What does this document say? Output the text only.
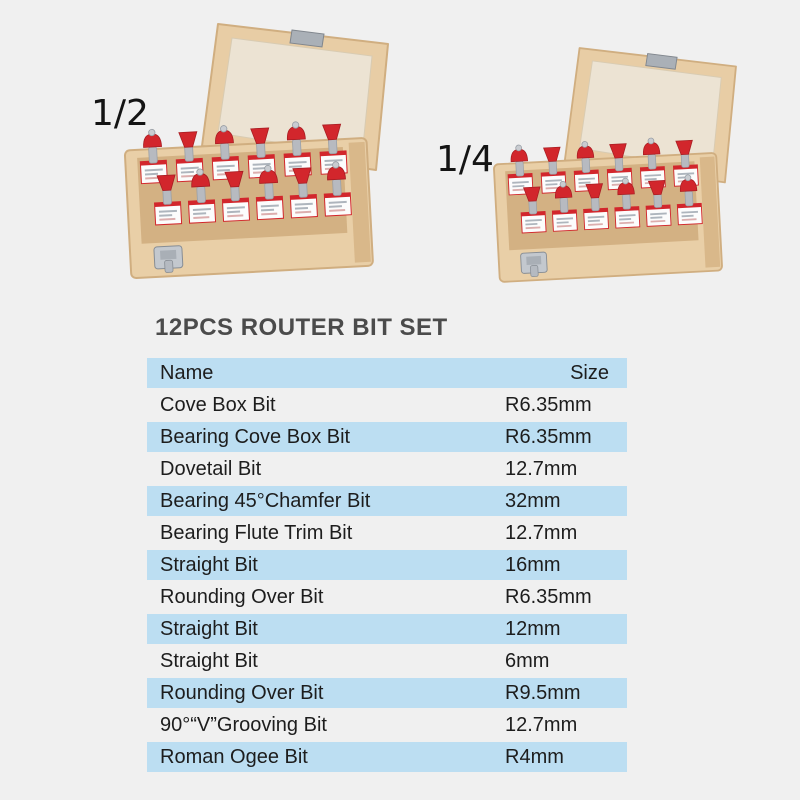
1/2
1/4
12PCS ROUTER BIT SET
Name	Size
Cove Box Bit	R6.35mm
Bearing Cove Box Bit	R6.35mm
Dovetail Bit	12.7mm
Bearing 45°Chamfer Bit	32mm
Bearing Flute Trim Bit	12.7mm
Straight Bit	16mm
Rounding Over Bit	R6.35mm
Straight Bit	12mm
Straight Bit	6mm
Rounding Over Bit	R9.5mm
90°“V”Grooving Bit	12.7mm
Roman Ogee Bit	R4mm
